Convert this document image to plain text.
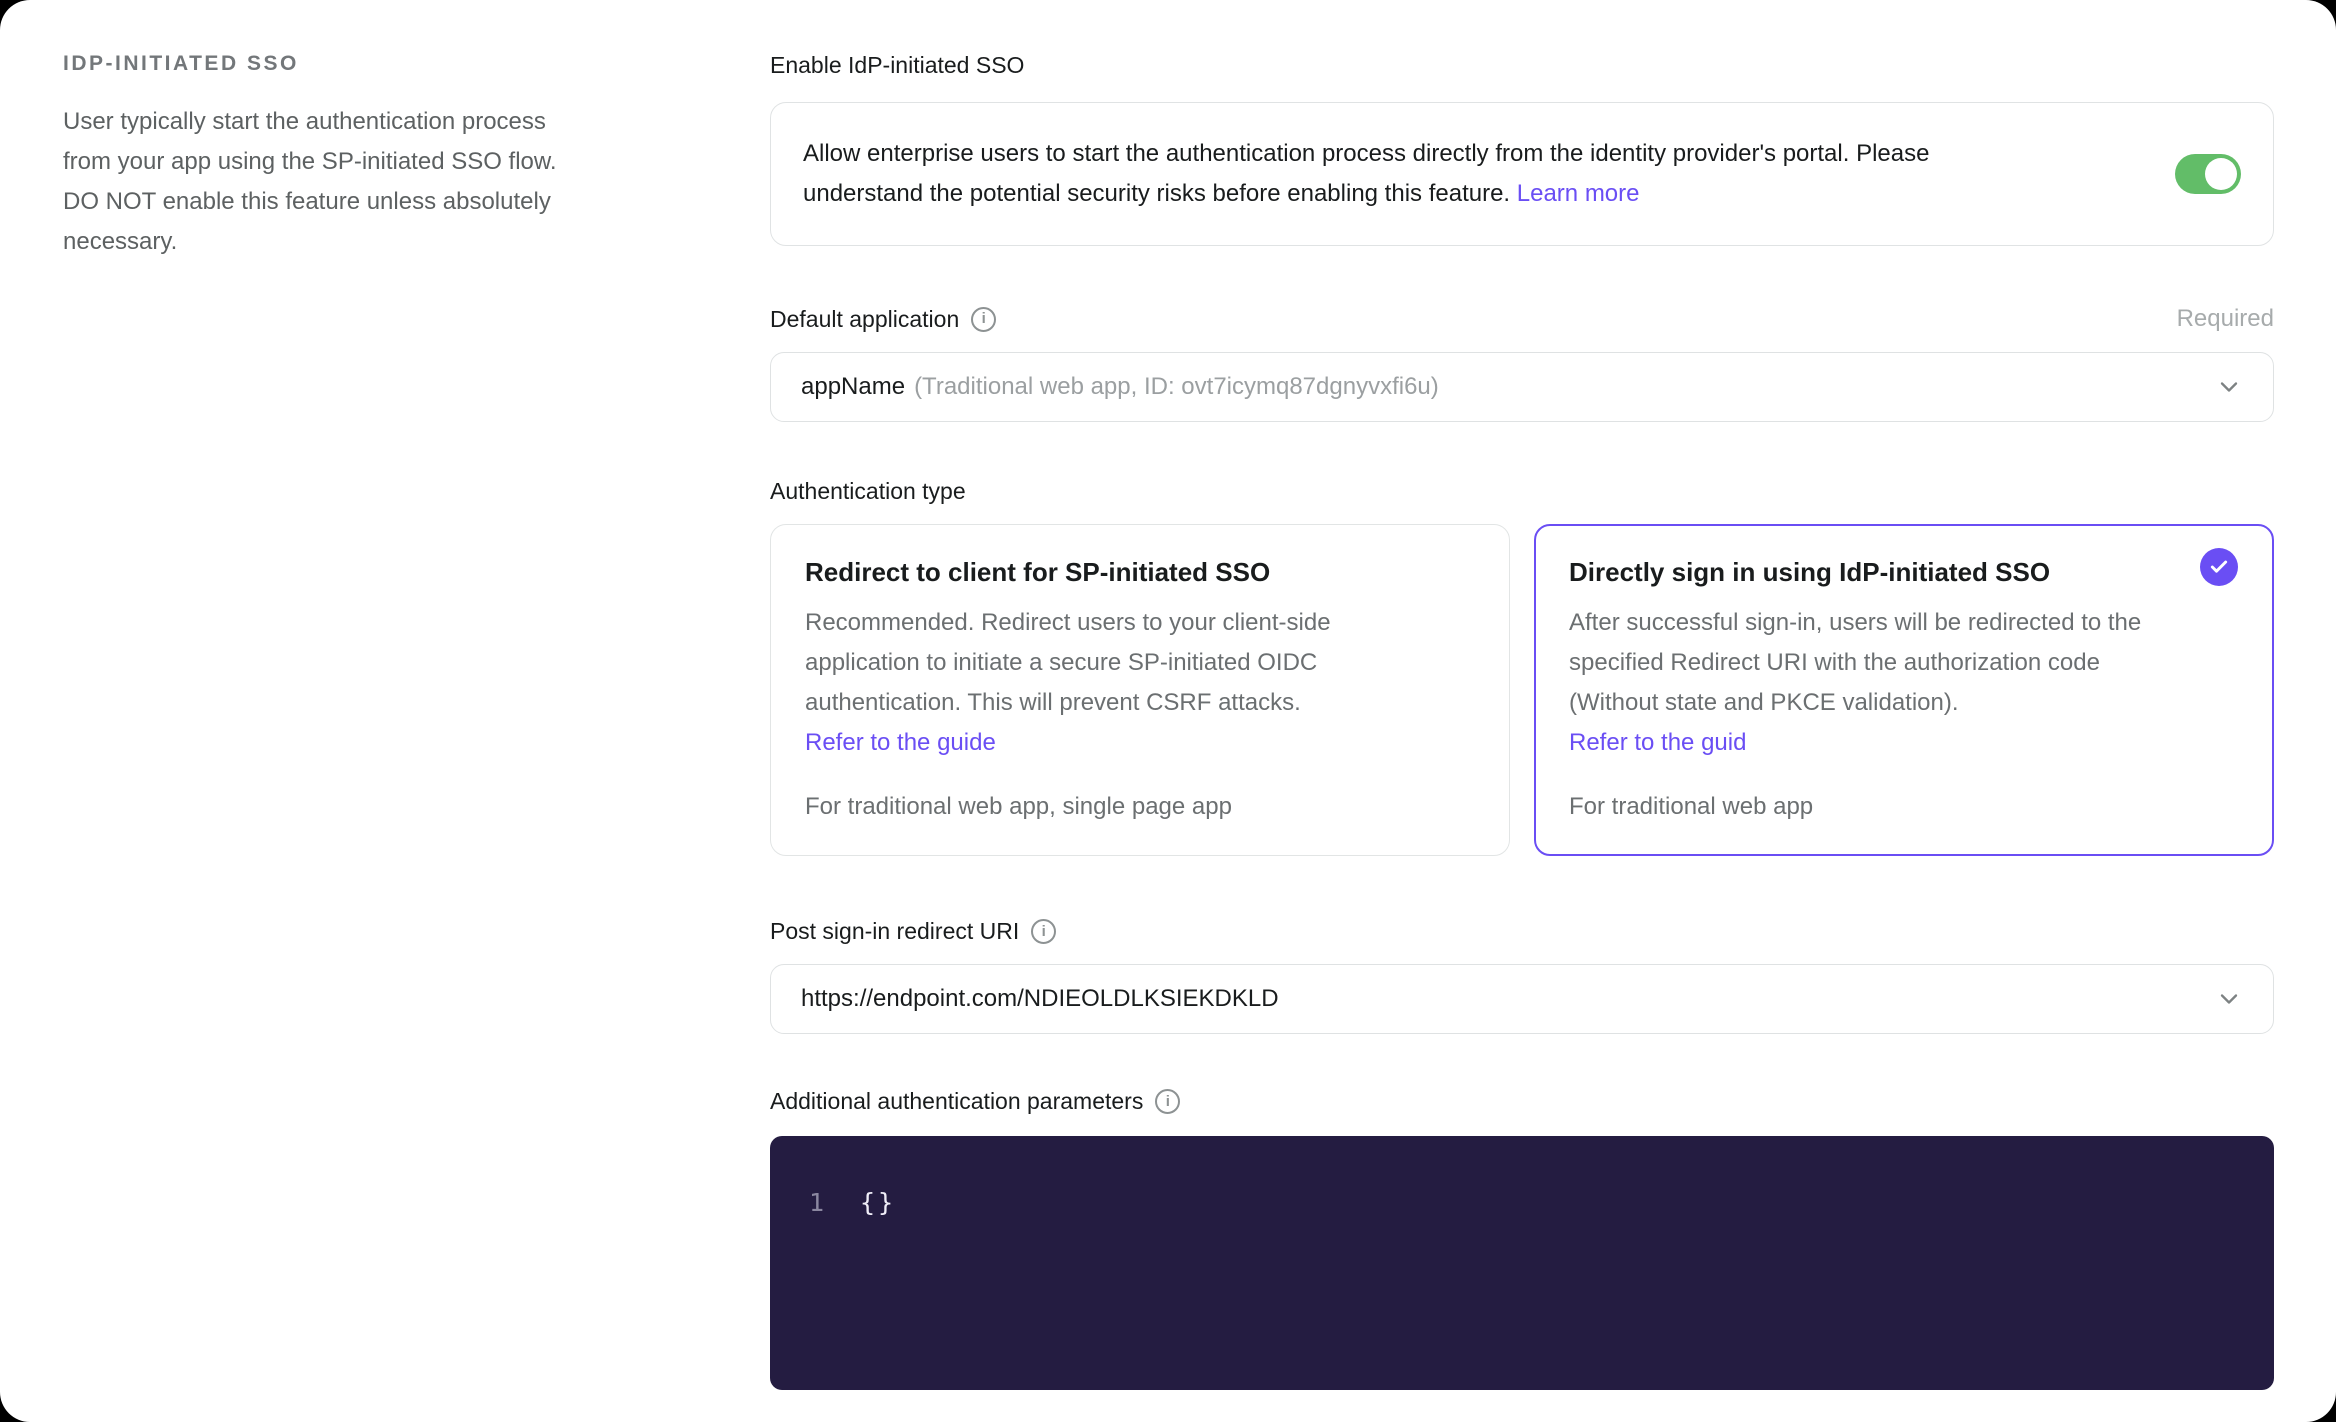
IDP-INITIATED SSO

User typically start the authentication process from your app using the SP-initiated SSO flow. DO NOT enable this feature unless absolutely necessary.

Enable IdP-initiated SSO

Allow enterprise users to start the authentication process directly from the identity provider's portal. Please understand the potential security risks before enabling this feature. Learn more

Default application	i	Required
appName (Traditional web app, ID: ovt7icymq87dgnyvxfi6u)
Authentication type
Redirect to client for SP-initiated SSO

Recommended. Redirect users to your client-side application to initiate a secure SP-initiated OIDC authentication. This will prevent CSRF attacks.

Refer to the guide
For traditional web app, single page app
Directly sign in using IdP-initiated SSO

After successful sign-in, users will be redirected to the specified Redirect URI with the authorization code (Without state and PKCE validation).

Refer to the guid
For traditional web app
Post sign-in redirect URI	i
https://endpoint.com/NDIEOLDLKSIEKDKLD
Additional authentication parameters	i
1 {}
